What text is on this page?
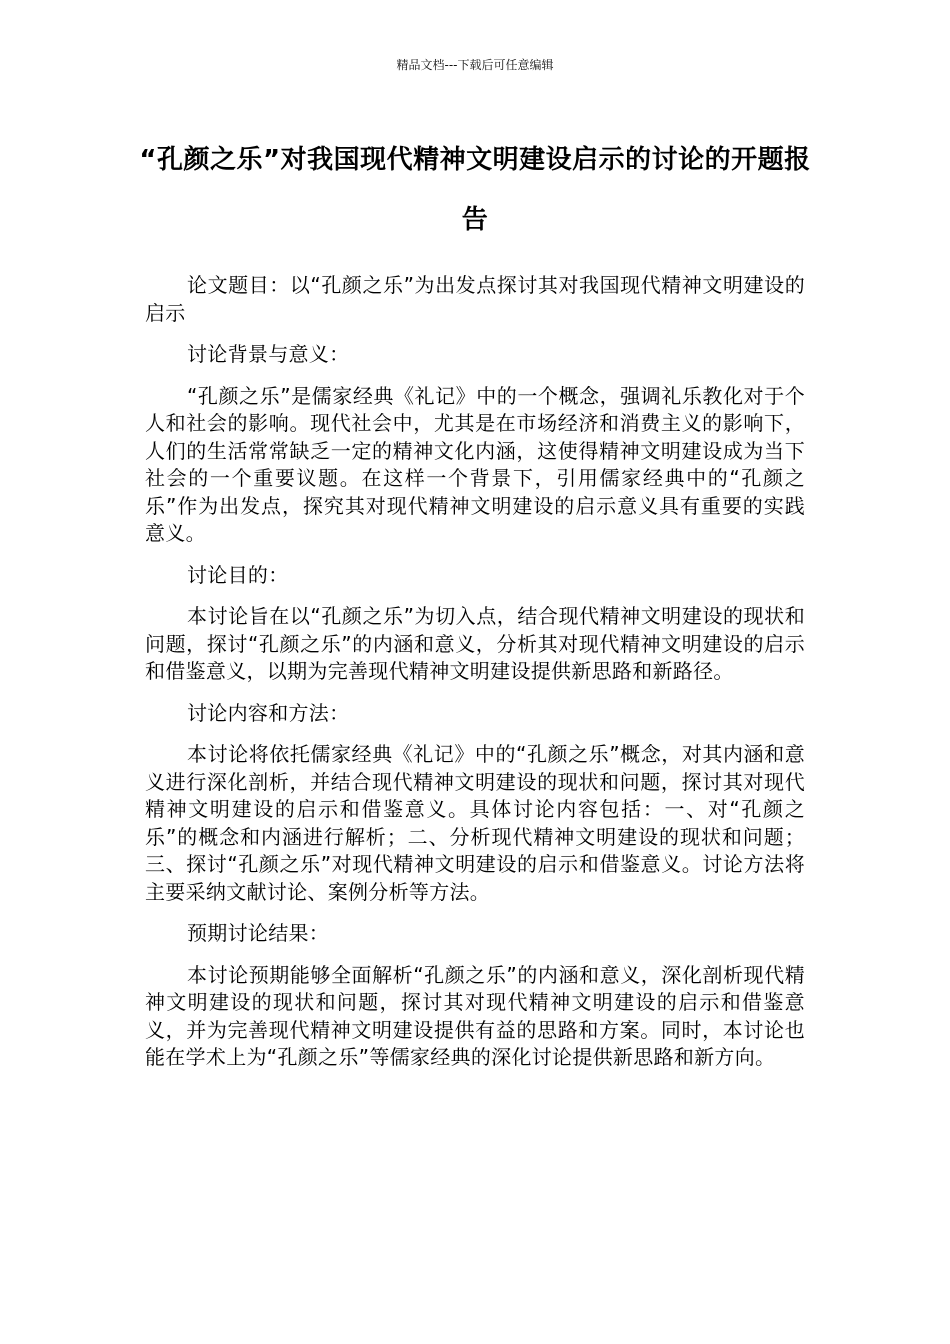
精品文档---下载后可任意编辑
“孔颜之乐”对我国现代精神文明建设启示的讨论的开题报告

论文题目：以“孔颜之乐”为出发点探讨其对我国现代精神文明建设的启示

讨论背景与意义：

“孔颜之乐”是儒家经典《礼记》中的一个概念，强调礼乐教化对于个人和社会的影响。现代社会中，尤其是在市场经济和消费主义的影响下，人们的生活常常缺乏一定的精神文化内涵，这使得精神文明建设成为当下社会的一个重要议题。在这样一个背景下，引用儒家经典中的“孔颜之乐”作为出发点，探究其对现代精神文明建设的启示意义具有重要的实践意义。

讨论目的：

本讨论旨在以“孔颜之乐”为切入点，结合现代精神文明建设的现状和问题，探讨“孔颜之乐”的内涵和意义，分析其对现代精神文明建设的启示和借鉴意义，以期为完善现代精神文明建设提供新思路和新路径。

讨论内容和方法：

本讨论将依托儒家经典《礼记》中的“孔颜之乐”概念，对其内涵和意义进行深化剖析，并结合现代精神文明建设的现状和问题，探讨其对现代精神文明建设的启示和借鉴意义。具体讨论内容包括：一、对“孔颜之乐”的概念和内涵进行解析；二、分析现代精神文明建设的现状和问题；三、探讨“孔颜之乐”对现代精神文明建设的启示和借鉴意义。讨论方法将主要采纳文献讨论、案例分析等方法。

预期讨论结果：

本讨论预期能够全面解析“孔颜之乐”的内涵和意义，深化剖析现代精神文明建设的现状和问题，探讨其对现代精神文明建设的启示和借鉴意义，并为完善现代精神文明建设提供有益的思路和方案。同时，本讨论也能在学术上为“孔颜之乐”等儒家经典的深化讨论提供新思路和新方向。
